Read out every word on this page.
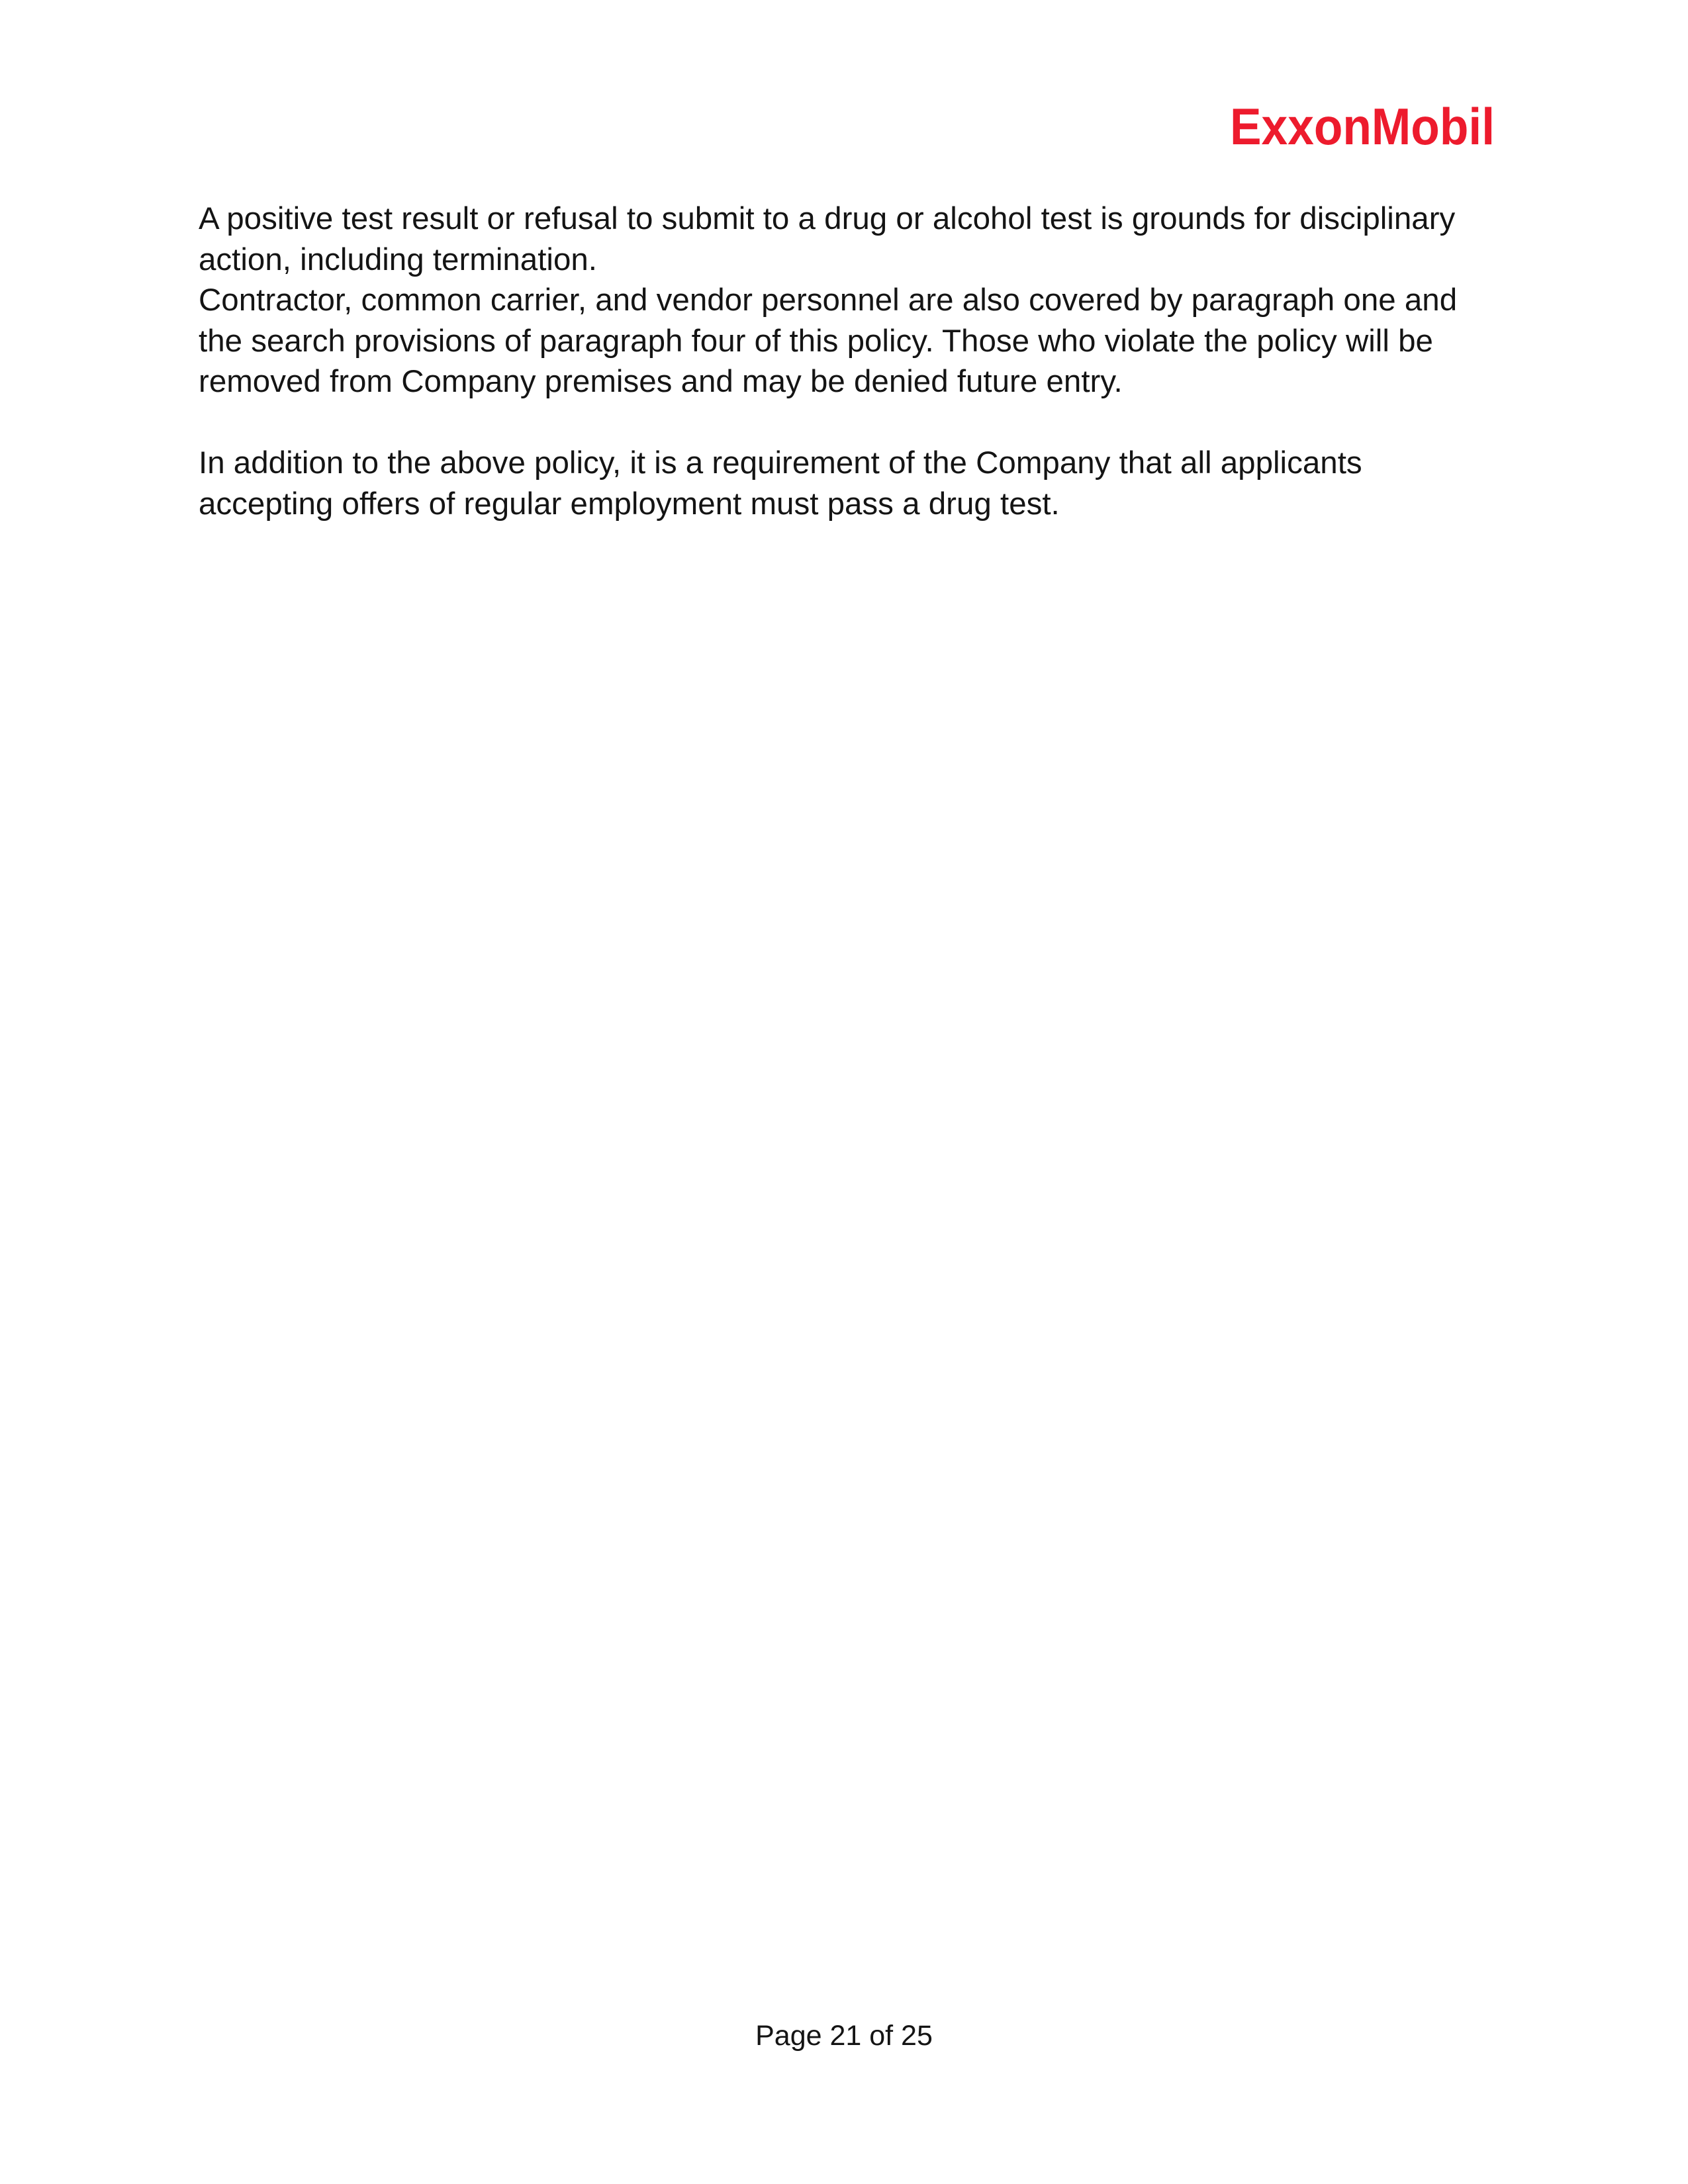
ExxonMobil

A positive test result or refusal to submit to a drug or alcohol test is grounds for disciplinary action, including termination.

Contractor, common carrier, and vendor personnel are also covered by paragraph one and the search provisions of paragraph four of this policy. Those who violate the policy will be removed from Company premises and may be denied future entry.

In addition to the above policy, it is a requirement of the Company that all applicants accepting offers of regular employment must pass a drug test.

Page 21 of 25
